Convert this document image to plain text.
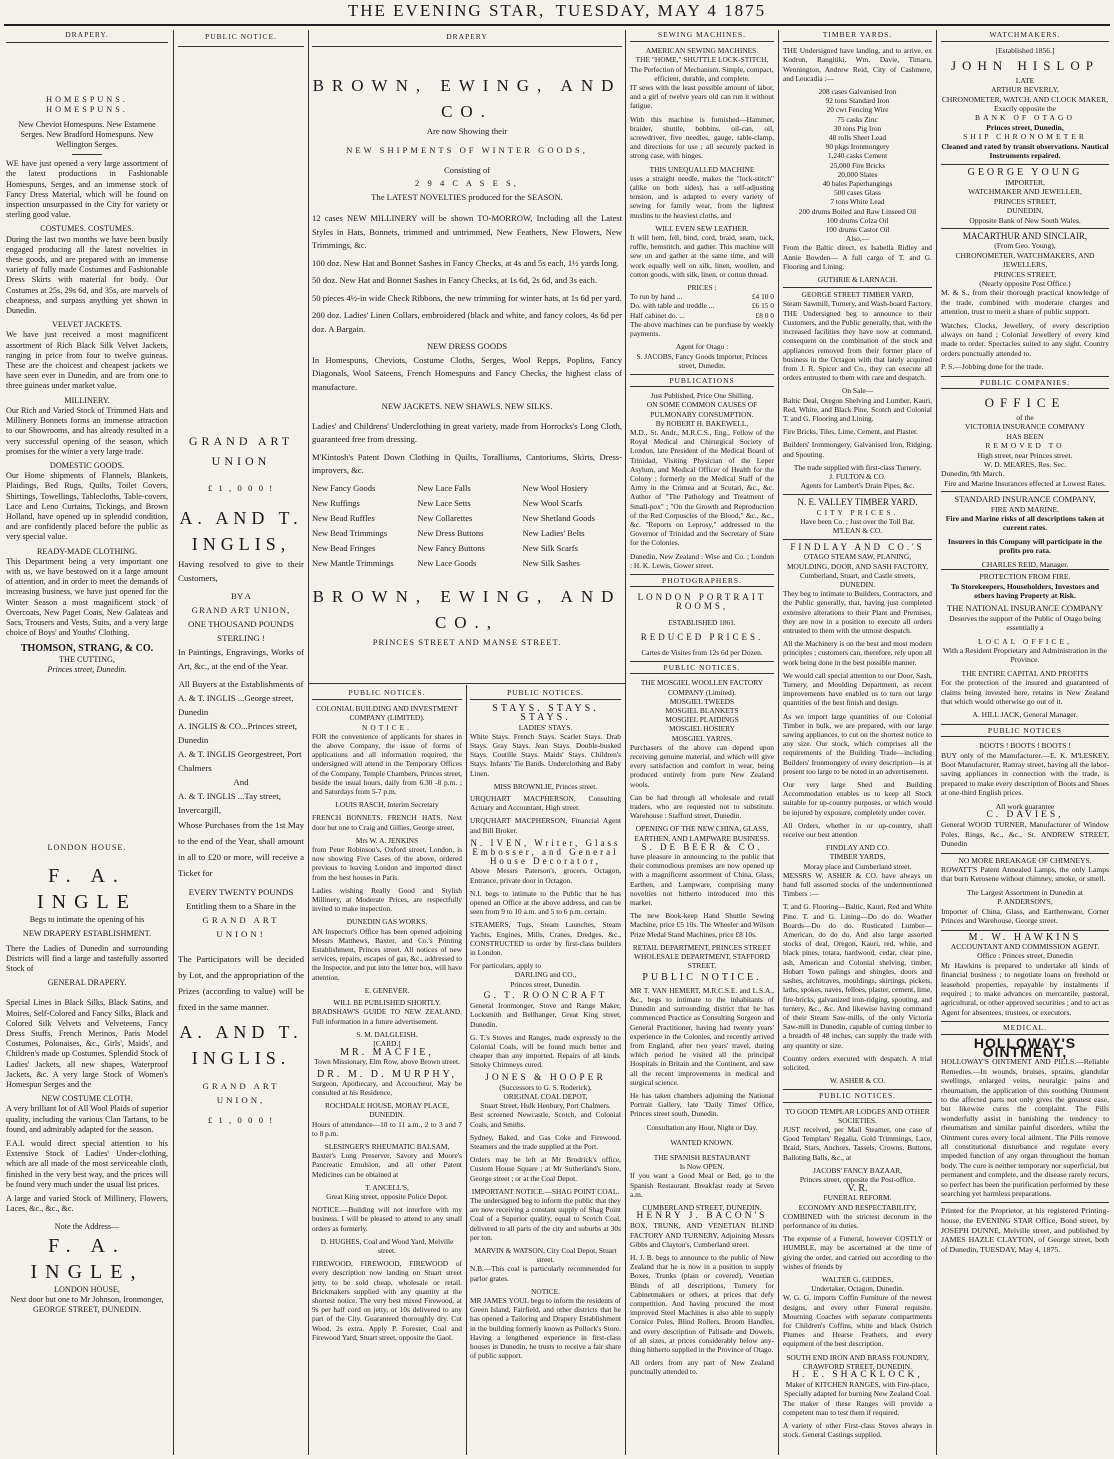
THE EVENING STAR, TUESDAY, MAY 4 1875
DRAPERY.
HOMESPUNS. HOMESPUNS.

New Cheviot Homespuns. New Estamene Serges. New Bradford Homespuns. New Wellington Serges.

WE have just opened a very large assortment of the latest productions in Fashionable Homespuns, Serges, and an immense stock of Fancy Dress Material, which will be found on inspection unsurpassed in the City for variety or sterling good value.

COSTUMES. COSTUMES.

During the last two months we have been busily engaged producing all the latest novelties in these goods, and are prepared with an immense variety of fully made Costumes and Fashionable Dress Skirts with material for body. Our Costumes at 25s, 29s 6d, and 35s, are marvels of cheapness, and surpass anything yet shown in Dunedin.

VELVET JACKETS.

We have just received a most magnificent assortment of Rich Black Silk Velvet Jackets, ranging in price from four to twelve guineas. These are the choicest and cheapest jackets we have seen ever in Dunedin, and are from one to three guineas under market value.

MILLINERY.

Our Rich and Varied Stock of Trimmed Hats and Millinery Bonnets forms an immense attraction to our Showrooms, and has already resulted in a very successful opening of the season, which promises for the winter a very large trade.

DOMESTIC GOODS.

Our Home shipments of Flannels, Blankets, Plaidings, Bed Rugs, Quilts, Toilet Covers, Shirtings, Towellings, Tablecloths, Table-covers, Lace and Leno Curtains, Tickings, and Brown Holland, have opened up in splendid condition, and are confidently placed before the public as very special value.

READY-MADE CLOTHING.

This Department being a very important one with us, we have bestowed on it a large amount of attention, and in order to meet the demands of increasing business, we have just opened for the Winter Season a most magnificent stock of Overcoats, New Paget Coats, New Galateas and Sacs, Trousers and Vests, Suits, and a very large choice of Boys' and Youths' Clothing.

THOMSON, STRANG, & CO.
THE CUTTING,
Princes street, Dunedin.
LONDON HOUSE.
F. A. INGLE
Begs to intimate the opening of his
NEW DRAPERY ESTABLISHMENT.

There the Ladies of Dunedin and surrounding Districts will find a large and tastefully assorted Stock of

GENERAL DRAPERY.

Special Lines in Black Silks, Black Satins, and Moires, Self-Colored and Fancy Silks, Black and Colored Silk Velvets and Velveteens, Fancy Dress Stuffs, French Merinos, Paris Model Costumes, Polonaises, &c., Girls', Maids', and Children's made up Costumes. Splendid Stock of Ladies' Jackets, all new shapes, Waterproof Jackets, &c. A very large Stock of Women's Homespun Serges and the

NEW COSTUME CLOTH.

A very brilliant lot of All Wool Plaids of superior quality, including the various Clan Tartans, to be found, and admirably adapted for the season.

F.A.I. would direct special attention to his Extensive Stock of Ladies' Under-clothing, which are all made of the most serviceable cloth, finished in the very best way, and the prices will be found very much under the usual list prices.

A large and varied Stock of Millinery, Flowers, Laces, &c., &c., &c.

Note the Address—
F. A. INGLE,
LONDON HOUSE,
Next door but one to Mr Johnson, Ironmonger,
GEORGE STREET, DUNEDIN.
PUBLIC NOTICE.
GRAND ART UNION
£ 1 , 0 0 0 !
A. AND T. INGLIS,

Having resolved to give to their Customers,

BY A
GRAND ART UNION,
ONE THOUSAND POUNDS STERLING !

In Paintings, Engravings, Works of Art, &c., at the end of the Year.

All Buyers at the Establishments of
A. & T. INGLIS ...George street, Dunedin
A. INGLIS & CO...Princes street, Dunedin
A. & T. INGLIS Georgestreet, Port Chalmers
And
A. & T. INGLIS ...Tay street, Invercargill,

Whose Purchases from the 1st May to the end of the Year, shall amount in all to £20 or more, will receive a Ticket for

EVERY TWENTY POUNDS
Entitling them to a Share in the
GRAND ART UNION!

The Participators will be decided by Lot, and the appropriation of the Prizes (according to value) will be fixed in the same manner.

A. AND T. INGLIS.
GRAND ART UNION,
£ 1 , 0 0 0 !
DRAPERY
BROWN, EWING, AND CO.
Are now Showing their
NEW SHIPMENTS OF WINTER GOODS,
Consisting of
2 9 4 C A S E S,
The LATEST NOVELTIES produced for the SEASON.

12 cases NEW MILLINERY will be shown TO-MORROW, Including all the Latest Styles in Hats, Bonnets, trimmed and untrimmed, New Feathers, New Flowers, New Trimmings, &c.

100 doz. New Hat and Bonnet Sashes in Fancy Checks, at 4s and 5s each, 1½ yards long.

50 doz. New Hat and Bonnet Sashes in Fancy Checks, at 1s 6d, 2s 6d, and 3s each.

50 pieces 4½-in wide Check Ribbons, the new trimming for winter hats, at 1s 6d per yard.

200 doz. Ladies' Linen Collars, embroidered (black and white, and fancy colors, 4s 6d per doz. A Bargain.

NEW DRESS GOODS

In Homespuns, Cheviots, Costume Cloths, Serges, Wool Repps, Poplins, Fancy Diagonals, Wool Sateens, French Homespuns and Fancy Checks, the highest class of manufacture.

NEW JACKETS. NEW SHAWLS. NEW SILKS.

Ladies' and Childrens' Underclothing in great variety, made from Horrocks's Long Cloth, guaranteed free from dressing.

M'Kintosh's Patent Down Clothing in Quilts, Toralliums, Cantoriums, Skirts, Dress-improvers, &c.

New Fancy Goods	New Lace Falls	New Wool Hosiery
New Ruffings	New Lace Setts	New Wool Scarfs
New Bead Ruffles	New Collarettes	New Shetland Goods
New Bead Trimmings	New Dress Buttons	New Ladies' Belts
New Bead Fringes	New Fancy Buttons	New Silk Scarfs
New Mantle Trimmings	New Lace Goods	New Silk Sashes
BROWN, EWING, AND CO.,
PRINCES STREET AND MANSE STREET.
PUBLIC NOTICES.
COLONIAL BUILDING AND INVESTMENT COMPANY (LIMITED).
NOTICE.

FOR the convenience of applicants for shares in the above Company, the issue of forms of applications and all information required, the undersigned will attend in the Temporary Offices of the Company, Temple Chambers, Princes street, beside the usual hours, daily from 6.30 -8 p.m. ; and Saturdays from 5-7 p.m.

LOUIS RASCH, Interim Secretary

FRENCH BONNETS. FRENCH HATS. Next door but one to Craig and Gillies, George street,

Mrs W. A. JENKINS

from Peter Robinson's, Oxford street, London, is now showing Five Cases of the above, ordered previous to leaving London and imported direct from the best houses in Paris.

Ladies wishing Really Good and Stylish Millinery, at Moderate Prices, are respectfully invited to make inspection.

DUNEDIN GAS WORKS.

AN Inspector's Office has been opened adjoining Messrs Matthews, Baxter, and Co.'s Printing Establishment, Princes street. All notices of new services, repairs, escapes of gas, &c., addressed to the Inspector, and put into the letter box, will have attention.

E. GENEVER.
WILL BE PUBLISHED SHORTLY.

BRADSHAW'S GUIDE TO NEW ZEALAND. Full information in a future advertisement.

S. M. DALGLEISH.
[CARD.]
MR. MACFIE,
Town Missionary, Elm Row, above Brown street.
DR. M. D. MURPHY,

Surgeon, Apothecary, and Accoucheur, May be consulted at his Residence,

ROCHDALE HOUSE, MORAY PLACE, DUNEDIN.

Hours of attendance—10 to 11 a.m., 2 to 3 and 7 to 8 p.m.

SLESINGER'S RHEUMATIC BALSAM,

Baxter's Lung Preserver, Savory and Moore's Pancreatic Emulsion, and all other Patent Medicines can be obtained at

T. ANCELL'S,
Great King street, opposite Police Depot.

NOTICE.—Building will not interfere with my business. I will be pleased to attend to any small orders as formerly.

D. HUGHES, Coal and Wood Yard, Melville street.

FIREWOOD, FIREWOOD, FIREWOOD of every description now landing on Stuart street jetty, to be sold cheap, wholesale or retail. Brickmakers supplied with any quantity at the shortest notice. The very best mixed Firewood, at 9s per half cord on jetty, or 10s delivered to any part of the City. Guaranteed thoroughly dry. Cut Wood, 2s extra. Apply P. Forester, Coal and Firewood Yard, Stuart street, opposite the Gaol.

PUBLIC NOTICES.
STAYS. STAYS. STAYS.
LADIES' STAYS.

White Stays. French Stays. Scarlet Stays. Drab Stays. Gray Stays. Jean Stays. Double-busked Stays. Coutille Stays. Maids' Stays. Children's Stays. Infants' Tie Bands. Underclothing and Baby Linen.

MISS BROWNLIE, Princes street.

URQUHART MACPHERSON, Consulting Actuary and Accountant, High street.

URQUHART MACPHERSON, Financial Agent and Bill Broker.

N. IVEN, Writer, Glass Embosser, and General House Decorator,

Above Messrs Paterson's, grocers, Octagon, Entrance, private door in Octagon.

N.I. begs to intimate to the Public that he has opened an Office at the above address, and can be seen from 9 to 10 a.m. and 5 to 6 p.m. certain.

STEAMERS, Tugs, Steam Launches, Steam Yachts, Engines, Mills, Cranes, Dredges, &c., CONSTRUCTED to order by first-class builders in London.

For particulars, apply to
DARLING and CO.,
Princes street, Dunedin.
G. T. ROONCRAFT

General Ironmonger, Stove and Range Maker, Locksmith and Bellhanger, Great King street, Dunedin.

G. T.'s Stoves and Ranges, made expressly to the Colonial Coals, will be found much better and cheaper than any imported. Repairs of all kinds. Smoky Chimneys cured.

JONES & HOOPER
(Successors to G. S. Roderick),
ORIGINAL COAL DEPOT,
Stuart Street, Hulk Henbury, Port Chalmers.

Best screened Newcastle, Scotch, and Colonial Coals, and Smiths.

Sydney, Baked, and Gas Coke and Firewood. Steamers and the trade supplied at the Port.

Orders may be left at Mr Brodrick's office, Custom House Square ; at Mr Sutherland's Store, George street ; or at the Coal Depot.

IMPORTANT NOTICE.—SHAG POINT COAL.

The undersigned beg to inform the public that they are now receiving a constant supply of Shag Point Coal of a Superior quality, equal to Scotch Coal, delivered to all parts of the city and suburbs at 30s per ton.

MARVIN & WATSON, City Coal Depot, Stuart street.

N.B.—This coal is particularly recommended for parlor grates.

NOTICE.

MR JAMES YOUL begs to inform the residents of Green Island, Fairfield, and other districts that he has opened a Tailoring and Drapery Establishment in the building formerly known as Pollock's Store. Having a lengthened experience in first-class houses in Dunedin, he trusts to receive a fair share of public support.

SEWING MACHINES.
AMERICAN SEWING MACHINES.
THE "HOME," SHUTTLE LOCK-STITCH,
The Perfection of Mechanism. Simple, compact, efficient, durable, and complete.

IT sews with the least possible amount of labor, and a girl of twelve years old can run it without fatigue.

With this machine is furnished—Hammer, braider, shuttle, bobbins, oil-can, oil, screwdriver, five needles, gauge, table-clamp, and directions for use ; all securely packed in strong case, with hinges.

THIS UNEQUALLED MACHINE

uses a straight needle, makes the "lock-stitch" (alike on both sides), has a self-adjusting tension, and is adapted to every variety of sewing for family wear, from the lightest muslins to the heaviest cloths, and

WILL EVEN SEW LEATHER.

It will hem, fell, bind, cord, braid, seam, tuck, ruffle, hemstitch, and gather. This machine will sew on and gather at the same time, and will work equally well on silk, linen, woollen, and cotton goods, with silk, linen, or cotton thread.

PRICES :
To run by hand ...	£4 10 0
Do. with table and treddle ...	£6 15 0
Half cabinet do. ...	£8 0 0

The above machines can be purchase by weekly payments.

Agent for Otago :
S. JACOBS, Fancy Goods Importer, Princes street, Dunedin.
PUBLICATIONS
Just Published, Price One Shilling.
ON SOME COMMON CAUSES OF PULMONARY CONSUMPTION.
By ROBERT H. BAKEWELL,

M.D., St. Andr., M.R.C.S., Eng., Fellow of the Royal Medical and Chirurgical Society of London, late President of the Medical Board of Trinidad, Visiting Physician of the Leper Asylum, and Medical Officer of Health for the Colony ; formerly on the Medical Staff of the Army in the Crimea and at Scutari, &c., &c. Author of "The Pathology and Treatment of Small-pox" ; "On the Growth and Reproduction of the Red Corpuscles of the Blood," &c., &c., &c. "Reports on Leprosy," addressed to the Governor of Trinidad and the Secretary of State for the Colonies.

Dunedin, New Zealand : Wise and Co. ; London : H. K. Lewis, Gower street.

PHOTOGRAPHERS.
LONDON PORTRAIT ROOMS,
ESTABLISHED 1861.
REDUCED PRICES.
Cartes de Visites from 12s 6d per Dozen.
PUBLIC NOTICES.
THE MOSGIEL WOOLLEN FACTORY COMPANY (Limited).
MOSGIEL TWEEDS
MOSGIEL BLANKETS
MOSGIEL PLAIDINGS
MOSGIEL HOSIERY
MOSGIEL YARNS.

Purchasers of the above can depend upon receiving genuine material, and which will give every satisfaction and comfort in wear, being produced entirely from pure New Zealand wools.

Can be had through all wholesale and retail traders, who are requested not to substitute. Warehouse : Stafford street, Dunedin.

OPENING OF THE NEW CHINA, GLASS, EARTHEN, AND LAMPWARE BUSINESS.
S. DE BEER & CO.

have pleasure in announcing to the public that their commodious premises are now opened up with a magnificent assortment of China, Glass, Earthen, and Lampware, comprising many novelties not hitherto introduced into this market.

The new Book-keep Hand Shuttle Sewing Machine, price £5 10s. The Wheeler and Wilson Prize Medal Stand Machines, price £8 10s.

RETAIL DEPARTMENT, PRINCES STREET WHOLESALE DEPARTMENT, STAFFORD STREET.
PUBLIC NOTICE.

MR T. VAN HEMERT, M.R.C.S.E. and L.S.A., &c., begs to intimate to the inhabitants of Dunedin and surrounding district that he has commenced Practice as Consulting Surgeon and General Practitioner, having had twenty years' experience in the Colonies, and recently arrived from England, after two years' travel, during which period he visited all the principal Hospitals in Britain and the Continent, and saw all the recent improvements in medical and surgical science.

He has taken chambers adjoining the National Portrait Gallery, late 'Daily Times' Office, Princes street south, Dunedin.

Consultation any Hour, Night or Day.
WANTED KNOWN.
THE SPANISH RESTAURANT
Is Now OPEN.

If you want a Good Meal or Bed, go to the Spanish Restaurant. Breakfast ready at Seven a.m.

CUMBERLAND STREET, DUNEDIN.
HENRY J. BACON'S

BOX, TRUNK, AND VENETIAN BLIND FACTORY AND TURNERY, Adjoining Messrs Gibbs and Clayton's, Cumberland street.

H. J. B. begs to announce to the public of New Zealand that he is now in a position to supply Boxes, Trunks (plain or covered), Venetian Blinds of all descriptions, Turnery for Cabinetmakers or others, at prices that defy competition. And having procured the most improved Steel Machines is also able to supply Cornice Poles, Blind Rollers, Broom Handles, and every description of Palisade and Dowels, of all sizes, at prices considerably below any-thing hitherto supplied in the Province of Otago.

All orders from any part of New Zealand punctually attended to.

TIMBER YARDS.

THE Undersigned have landing, and to arrive, ex Kodrun, Rangitiki, Wm. Davie, Timaru, Wennington, Andrew Reid, City of Cashmere, and Leucadia :—

208 cases Galvanised Iron
92 tons Standard Iron
20 cwt Fencing Wire
75 casks Zinc
30 tons Pig Iron
48 rolls Sheet Lead
90 pkgs Ironmongery
1,240 casks Cement
25,000 Fire Bricks
20,000 Slates
40 bales Paperhangings
500 cases Glass
7 tons White Lead
200 drums Boiled and Raw Linseed Oil
100 drums Colza Oil
100 drums Castor Oil
Also,—

From the Baltic direct, ex Isabella Ridley and Annie Bowden— A full cargo of T. and G. Flooring and Lining.

GUTHRIE & LARNACH.
GEORGE STREET TIMBER YARD,
Steam Sawmill, Turnery, and Wash-board Factory.

THE Undersigned beg to announce to their Customers, and the Public generally, that, with the increased facilities they have now at command, consequent on the combination of the stock and appliances removed from their former place of business in the Octagon with that lately acquired from J. R. Spicer and Co., they can execute all orders entrusted to them with care and despatch.

On Sale—

Baltic Deal, Oregon Shelving and Lumber, Kauri, Red, White, and Black Pine, Scotch and Colonial T. and G. Flooring and Lining.

Fire Bricks, Tiles, Lime, Cement, and Plaster.

Builders' Ironmongery, Galvanised Iron, Ridging, and Spouting.

The trade supplied with first-class Turnery.
J. FULTON & CO.
Agents for Lambert's Drain Pipes, &c.
N. E. VALLEY TIMBER YARD.
CITY PRICES.
Have been Co. ; Just over the Toll Bar.
M'LEAN & CO.
FINDLAY AND CO.'S
OTAGO STEAM SAW, PLANING, MOULDING, DOOR, AND SASH FACTORY,
Cumberland, Stuart, and Castle streets, DUNEDIN.

They beg to intimate to Builders, Contractors, and the Public generally, that, having just completed extensive alterations to their Plant and Premises, they are now in a position to execute all orders entrusted to them with the utmost despatch.

All the Machinery is on the best and most modern principles ; customers can, therefore, rely upon all work being done in the best possible manner.

We would call special attention to our Door, Sash, Turnery, and Moulding Department, as recent improvements have enabled us to turn out large quantities of the best finish and design.

As we import large quantities of our Colonial Timber in bulk, we are prepared, with our large sawing appliances, to cut on the shortest notice to any size. Our stock, which comprises all the requirements of the Building Trade—including Builders' Ironmongery of every description—is at present too large to be noted in an advertisement.

Our very large Shed and Building Accommodation enables us to keep all Stock suitable for up-country purposes, or which would be injured by exposure, completely under cover.

All Orders, whether in or up-country, shall receive our best attention

FINDLAY AND CO.
TIMBER YARDS,
Moray place and Cumberland street.

MESSRS W. ASHER & CO. have always on hand full assorted stocks of the undermentioned Timbers :—

T. and G. Flooring—Baltic, Kauri, Red and White Pine. T. and G. Lining—Do do do. Weather Boards—Do do do. Rusticated Lumber—American, do do do. And also large assorted stocks of deal, Oregon, Kauri, red, white, and black pines, totara, hardwood, cedar, clear pine, ash, American and Colonial shelving, timber, Hobart Town palings and shingles, doors and sashes, architraves, mouldings, skirtings, pickets, laths, spokes, naves, felloes, plaster, cement, lime, fire-bricks, galvanized iron-ridging, spouting, and turnery, &c., &c. And likewise having command of their Steam Saw-mills, of the only Victoria Saw-mill in Dunedin, capable of cutting timber to a breadth of 48 inches, can supply the trade with any quantity or size.

Country orders executed with despatch. A trial solicited.

W. ASHER & CO.
PUBLIC NOTICES.
TO GOOD TEMPLAR LODGES AND OTHER SOCIETIES.

JUST received, per Mail Steamer, one case of Good Templars' Regalia, Gold Trimmings, Lace, Braid, Stars, Anchors, Tassels, Crowns, Buttons, Balloting Balls, &c., at

JACOBS' FANCY BAZAAR,
Princes street, opposite the Post-office.
V. R.
FUNERAL REFORM.
ECONOMY AND RESPECTABILITY,

COMBINED with the strictest decorum in the performance of its duties.

The expense of a Funeral, however COSTLY or HUMBLE, may be ascertained at the time of giving the order, and carried out according to the wishes of friends by

WALTER G. GEDDES,
Undertaker, Octagon, Dunedin.

W. G. G. imports Coffin Furniture of the newest designs, and every other Funeral requisite. Mourning Coaches with separate compartments for Children's Coffins, white and black Ostrich Plumes and Hearse Feathers, and every equipment of the best description.

SOUTH END IRON AND BRASS FOUNDRY,
CRAWFORD STREET, DUNEDIN.
H. E. SHACKLOCK,
Maker of KITCHEN RANGES, with Fire-place,
Specially adapted for burning New Zealand Coal.

The maker of these Ranges will provide a competent man to test them if required.

A variety of other First-class Stoves always in stock. General Castings supplied.

WATCHMAKERS.
[Established 1856.]
JOHN HISLOP
LATE
ARTHUR BEVERLY,
CHRONOMETER, WATCH, AND CLOCK MAKER,
Exactly opposite the
BANK OF OTAGO
Princes street, Dunedin,
SHIP CHRONOMETER

Cleaned and rated by transit observations. Nautical Instruments repaired.

GEORGE YOUNG
IMPORTER,
WATCHMAKER AND JEWELLER,
PRINCES STREET,
DUNEDIN,
Opposite Bank of New South Wales.
MACARTHUR AND SINCLAIR,
(From Geo. Young),
CHRONOMETER, WATCHMAKERS, AND JEWELLERS,
PRINCES STREET,
(Nearly opposite Post Office.)

M. & S., from their thorough practical knowledge of the trade, combined with moderate charges and attention, trust to merit a share of public support.

Watches, Clocks, Jewellery, of every description always on hand ; Colonial Jewellery of every kind made to order. Spectacles suited to any sight. Country orders punctually attended to.

P. S.—Jobbing done for the trade.
PUBLIC COMPANIES.
OFFICE
of the
VICTORIA INSURANCE COMPANY
HAS BEEN
REMOVED TO
High street, near Princes street.
W. D. MEARES, Res. Sec.
Dunedin, 9th March.
Fire and Marine Insurances effected at Lowest Rates.
STANDARD INSURANCE COMPANY,
FIRE AND MARINE.

Fire and Marine risks of all descriptions taken at current rates.

Insurers in this Company will participate in the profits pro rata.

CHARLES REID, Manager.
PROTECTION FROM FIRE.

To Storekeepers, Householders, Investors and others having Property at Risk.

THE NATIONAL INSURANCE COMPANY

Deserves the support of the Public of Otago being essentially a

LOCAL OFFICE,

With a Resident Proprietary and Administration in the Province.

THE ENTIRE CAPITAL AND PROFITS

For the protection of the insured and guaranteed of claims being invested here, retains in New Zealand that which would otherwise go out of it.

A. HILL JACK, General Manager.
PUBLIC NOTICES
BOOTS ! BOOTS ! BOOTS !

BUY only of the Manufacturer.—E. K. M'LESKEY, Boot Manufacturer, Rattray street, having all the labor-saving appliances in connection with the trade, is prepared to make every description of Boots and Shoes at one-third English prices.

All work guarantee
C. DAVIES,

General WOOD TURNER, Manufacturer of Window Poles, Rings, &c., &c., St. ANDREW STREET, Dunedin

NO MORE BREAKAGE OF CHIMNEYS.

ROWATT'S Patent Annealed Lamps, the only Lamps that burn Kerosene without chimney, smoke, or smell.

The Largest Assortment in Dunedin at
P. ANDERSON'S,

Importer of China, Glass, and Earthenware, Corner Princes and Warehouse, George street.

M. W. HAWKINS
ACCOUNTANT AND COMMISSION AGENT.
Office : Princes street, Dunedin

Mr Hawkins is prepared to undertake all kinds of financial business ; to negotiate loans on freehold or leasehold properties, repayable by instalments if required ; to make advances on mercantile, pastoral, agricultural, or other approved securities ; and to act as Agent for absentees, trustees, or executors.

MEDICAL.
HOLLOWAY'S OINTMENT,

HOLLOWAY'S OINTMENT AND PILLS.—Reliable Remedies.—In wounds, bruises, sprains, glandular swellings, enlarged veins, neuralgic pains and rheumatism, the application of this soothing Ointment to the affected parts not only gives the greatest ease, but likewise cures the complaint. The Pills wonderfully assist in banishing the tendency to rheumatism and similar painful disorders, whilst the Ointment cures every local ailment. The Pills remove all constitutional disturbance and regulate every impeded function of any organ throughout the human body. The cure is neither temporary nor superficial, but permanent and complete, and the disease rarely recurs, so perfect has been the purification performed by these searching yet harmless preparations.

Printed for the Proprietor, at his registered Printing-house, the EVENING STAR Office, Bond street, by JOSEPH DUNNE, Melville street, and published by JAMES HAZLE CLAYTON, of George street, both of Dunedin, TUESDAY, May 4, 1875.
